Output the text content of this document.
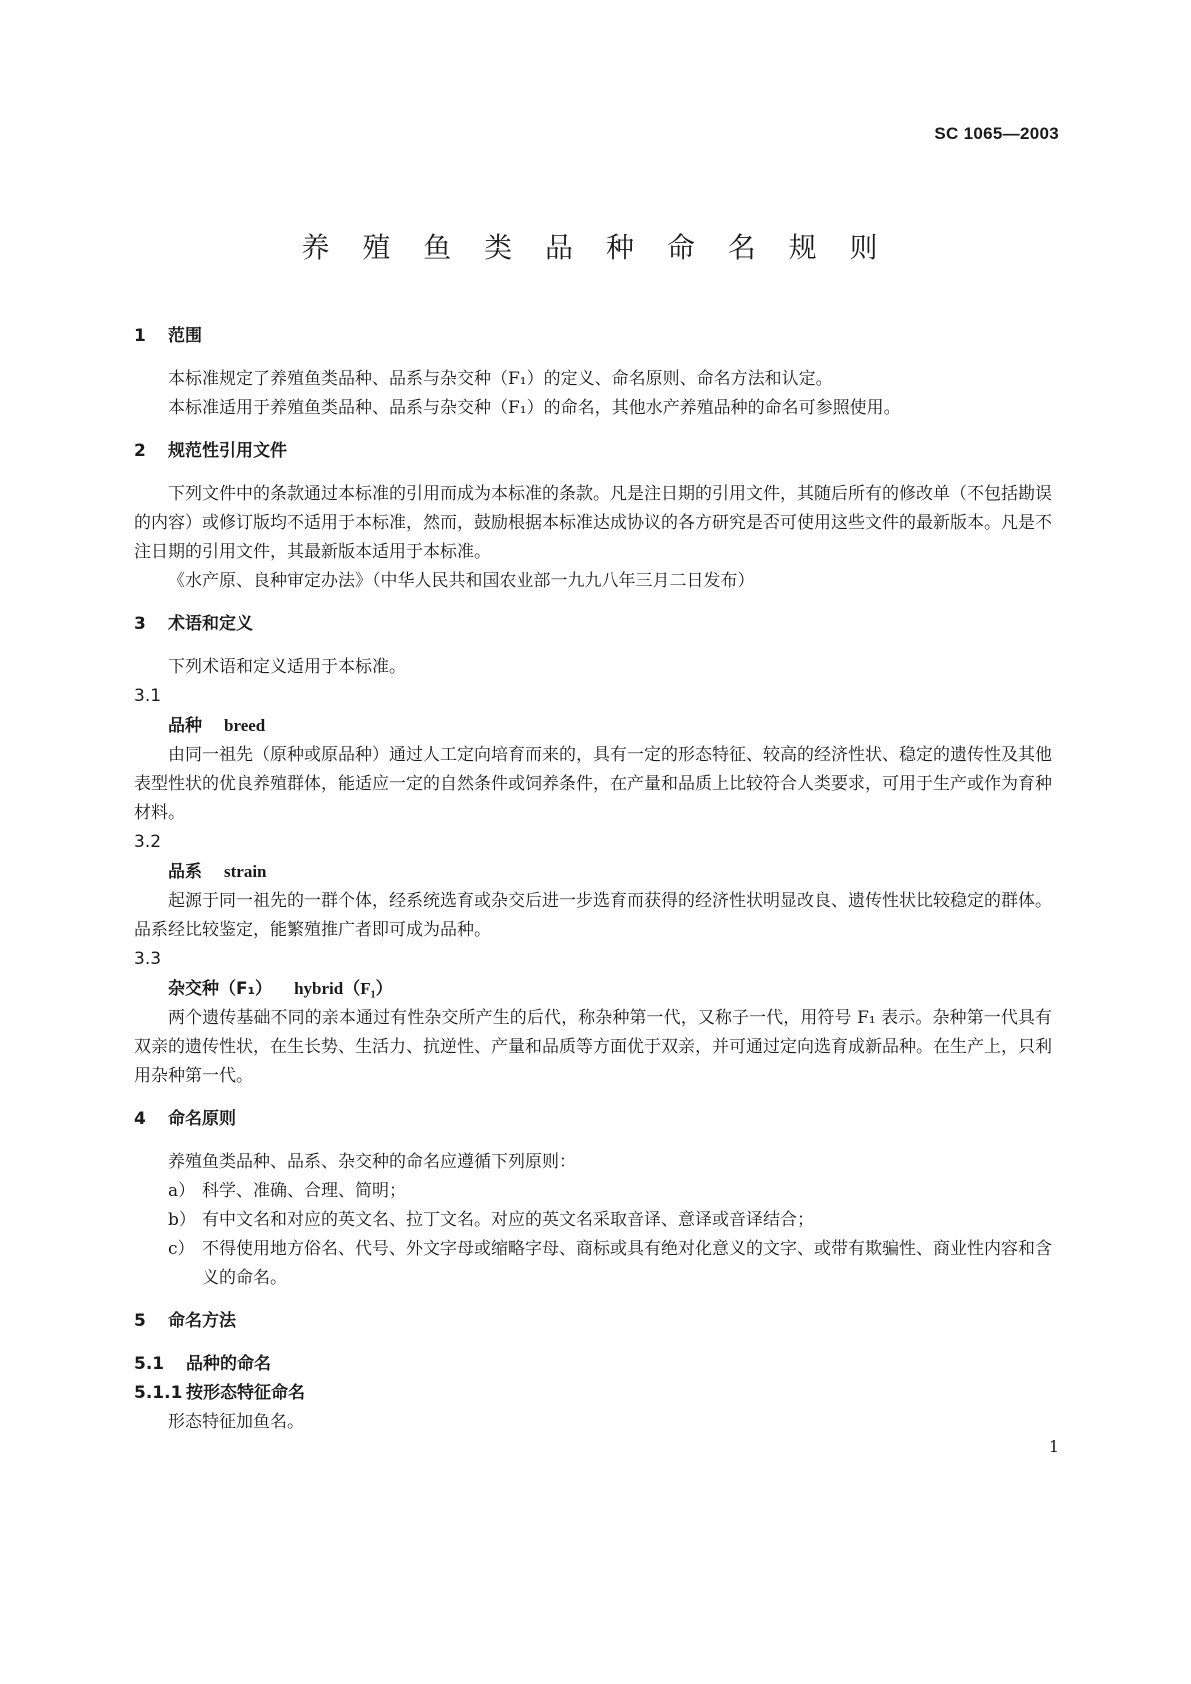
SC 1065—2003
养 殖 鱼 类 品 种 命 名 规 则
1 范围
本标准规定了养殖鱼类品种、品系与杂交种（F₁）的定义、命名原则、命名方法和认定。
本标准适用于养殖鱼类品种、品系与杂交种（F₁）的命名，其他水产养殖品种的命名可参照使用。
2 规范性引用文件
下列文件中的条款通过本标准的引用而成为本标准的条款。凡是注日期的引用文件，其随后所有的修改单（不包括勘误的内容）或修订版均不适用于本标准，然而，鼓励根据本标准达成协议的各方研究是否可使用这些文件的最新版本。凡是不注日期的引用文件，其最新版本适用于本标准。
《水产原、良种审定办法》（中华人民共和国农业部一九九八年三月二日发布）
3 术语和定义
下列术语和定义适用于本标准。
3.1
品种 breed
由同一祖先（原种或原品种）通过人工定向培育而来的，具有一定的形态特征、较高的经济性状、稳定的遗传性及其他表型性状的优良养殖群体，能适应一定的自然条件或饲养条件，在产量和品质上比较符合人类要求，可用于生产或作为育种材料。
3.2
品系 strain
起源于同一祖先的一群个体，经系统选育或杂交后进一步选育而获得的经济性状明显改良、遗传性状比较稳定的群体。品系经比较鉴定，能繁殖推广者即可成为品种。
3.3
杂交种（F₁） hybrid（F₁）
两个遗传基础不同的亲本通过有性杂交所产生的后代，称杂种第一代，又称子一代，用符号 F₁ 表示。杂种第一代具有双亲的遗传性状，在生长势、生活力、抗逆性、产量和品质等方面优于双亲，并可通过定向选育成新品种。在生产上，只利用杂种第一代。
4 命名原则
养殖鱼类品种、品系、杂交种的命名应遵循下列原则：
a） 科学、准确、合理、简明；
b） 有中文名和对应的英文名、拉丁文名。对应的英文名采取音译、意译或音译结合；
c） 不得使用地方俗名、代号、外文字母或缩略字母、商标或具有绝对化意义的文字、或带有欺骗性、商业性内容和含义的命名。
5 命名方法
5.1 品种的命名
5.1.1 按形态特征命名
形态特征加鱼名。
1
